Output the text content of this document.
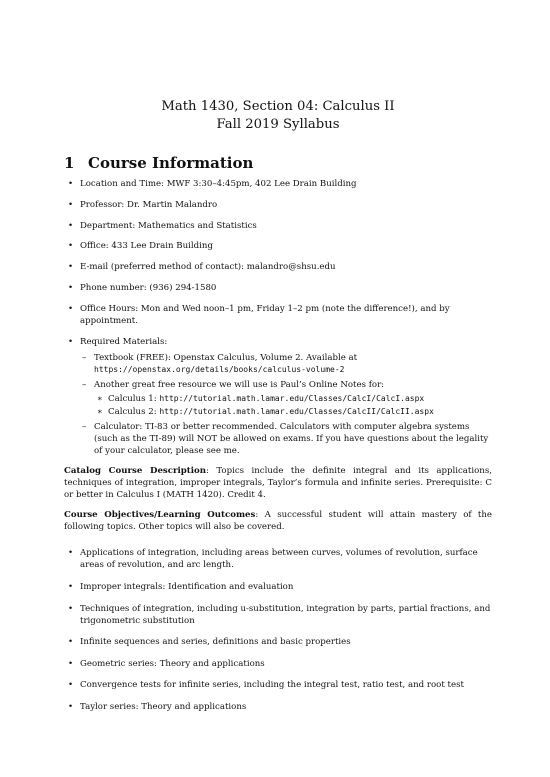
Math 1430, Section 04: Calculus II
Fall 2019 Syllabus
1 Course Information
• Location and Time: MWF 3:30–4:45pm, 402 Lee Drain Building
• Professor: Dr. Martin Malandro
• Department: Mathematics and Statistics
• Office: 433 Lee Drain Building
• E-mail (preferred method of contact): malandro@shsu.edu
• Phone number: (936) 294-1580
• Office Hours: Mon and Wed noon–1 pm, Friday 1–2 pm (note the difference!), and by appointment.
• Required Materials:
– Textbook (FREE): Openstax Calculus, Volume 2. Available at https://openstax.org/details/books/calculus-volume-2
– Another great free resource we will use is Paul’s Online Notes for:
∗ Calculus 1: http://tutorial.math.lamar.edu/Classes/CalcI/CalcI.aspx
∗ Calculus 2: http://tutorial.math.lamar.edu/Classes/CalcII/CalcII.aspx
– Calculator: TI-83 or better recommended. Calculators with computer algebra systems (such as the TI-89) will NOT be allowed on exams. If you have questions about the legality of your calculator, please see me.

Catalog Course Description: Topics include the definite integral and its applications, techniques of integration, improper integrals, Taylor’s formula and infinite series. Prerequisite: C or better in Calculus I (MATH 1420). Credit 4.

Course Objectives/Learning Outcomes: A successful student will attain mastery of the following topics. Other topics will also be covered.

• Applications of integration, including areas between curves, volumes of revolution, surface areas of revolution, and arc length.
• Improper integrals: Identification and evaluation
• Techniques of integration, including u-substitution, integration by parts, partial fractions, and trigonometric substitution
• Infinite sequences and series, definitions and basic properties
• Geometric series: Theory and applications
• Convergence tests for infinite series, including the integral test, ratio test, and root test
• Taylor series: Theory and applications
